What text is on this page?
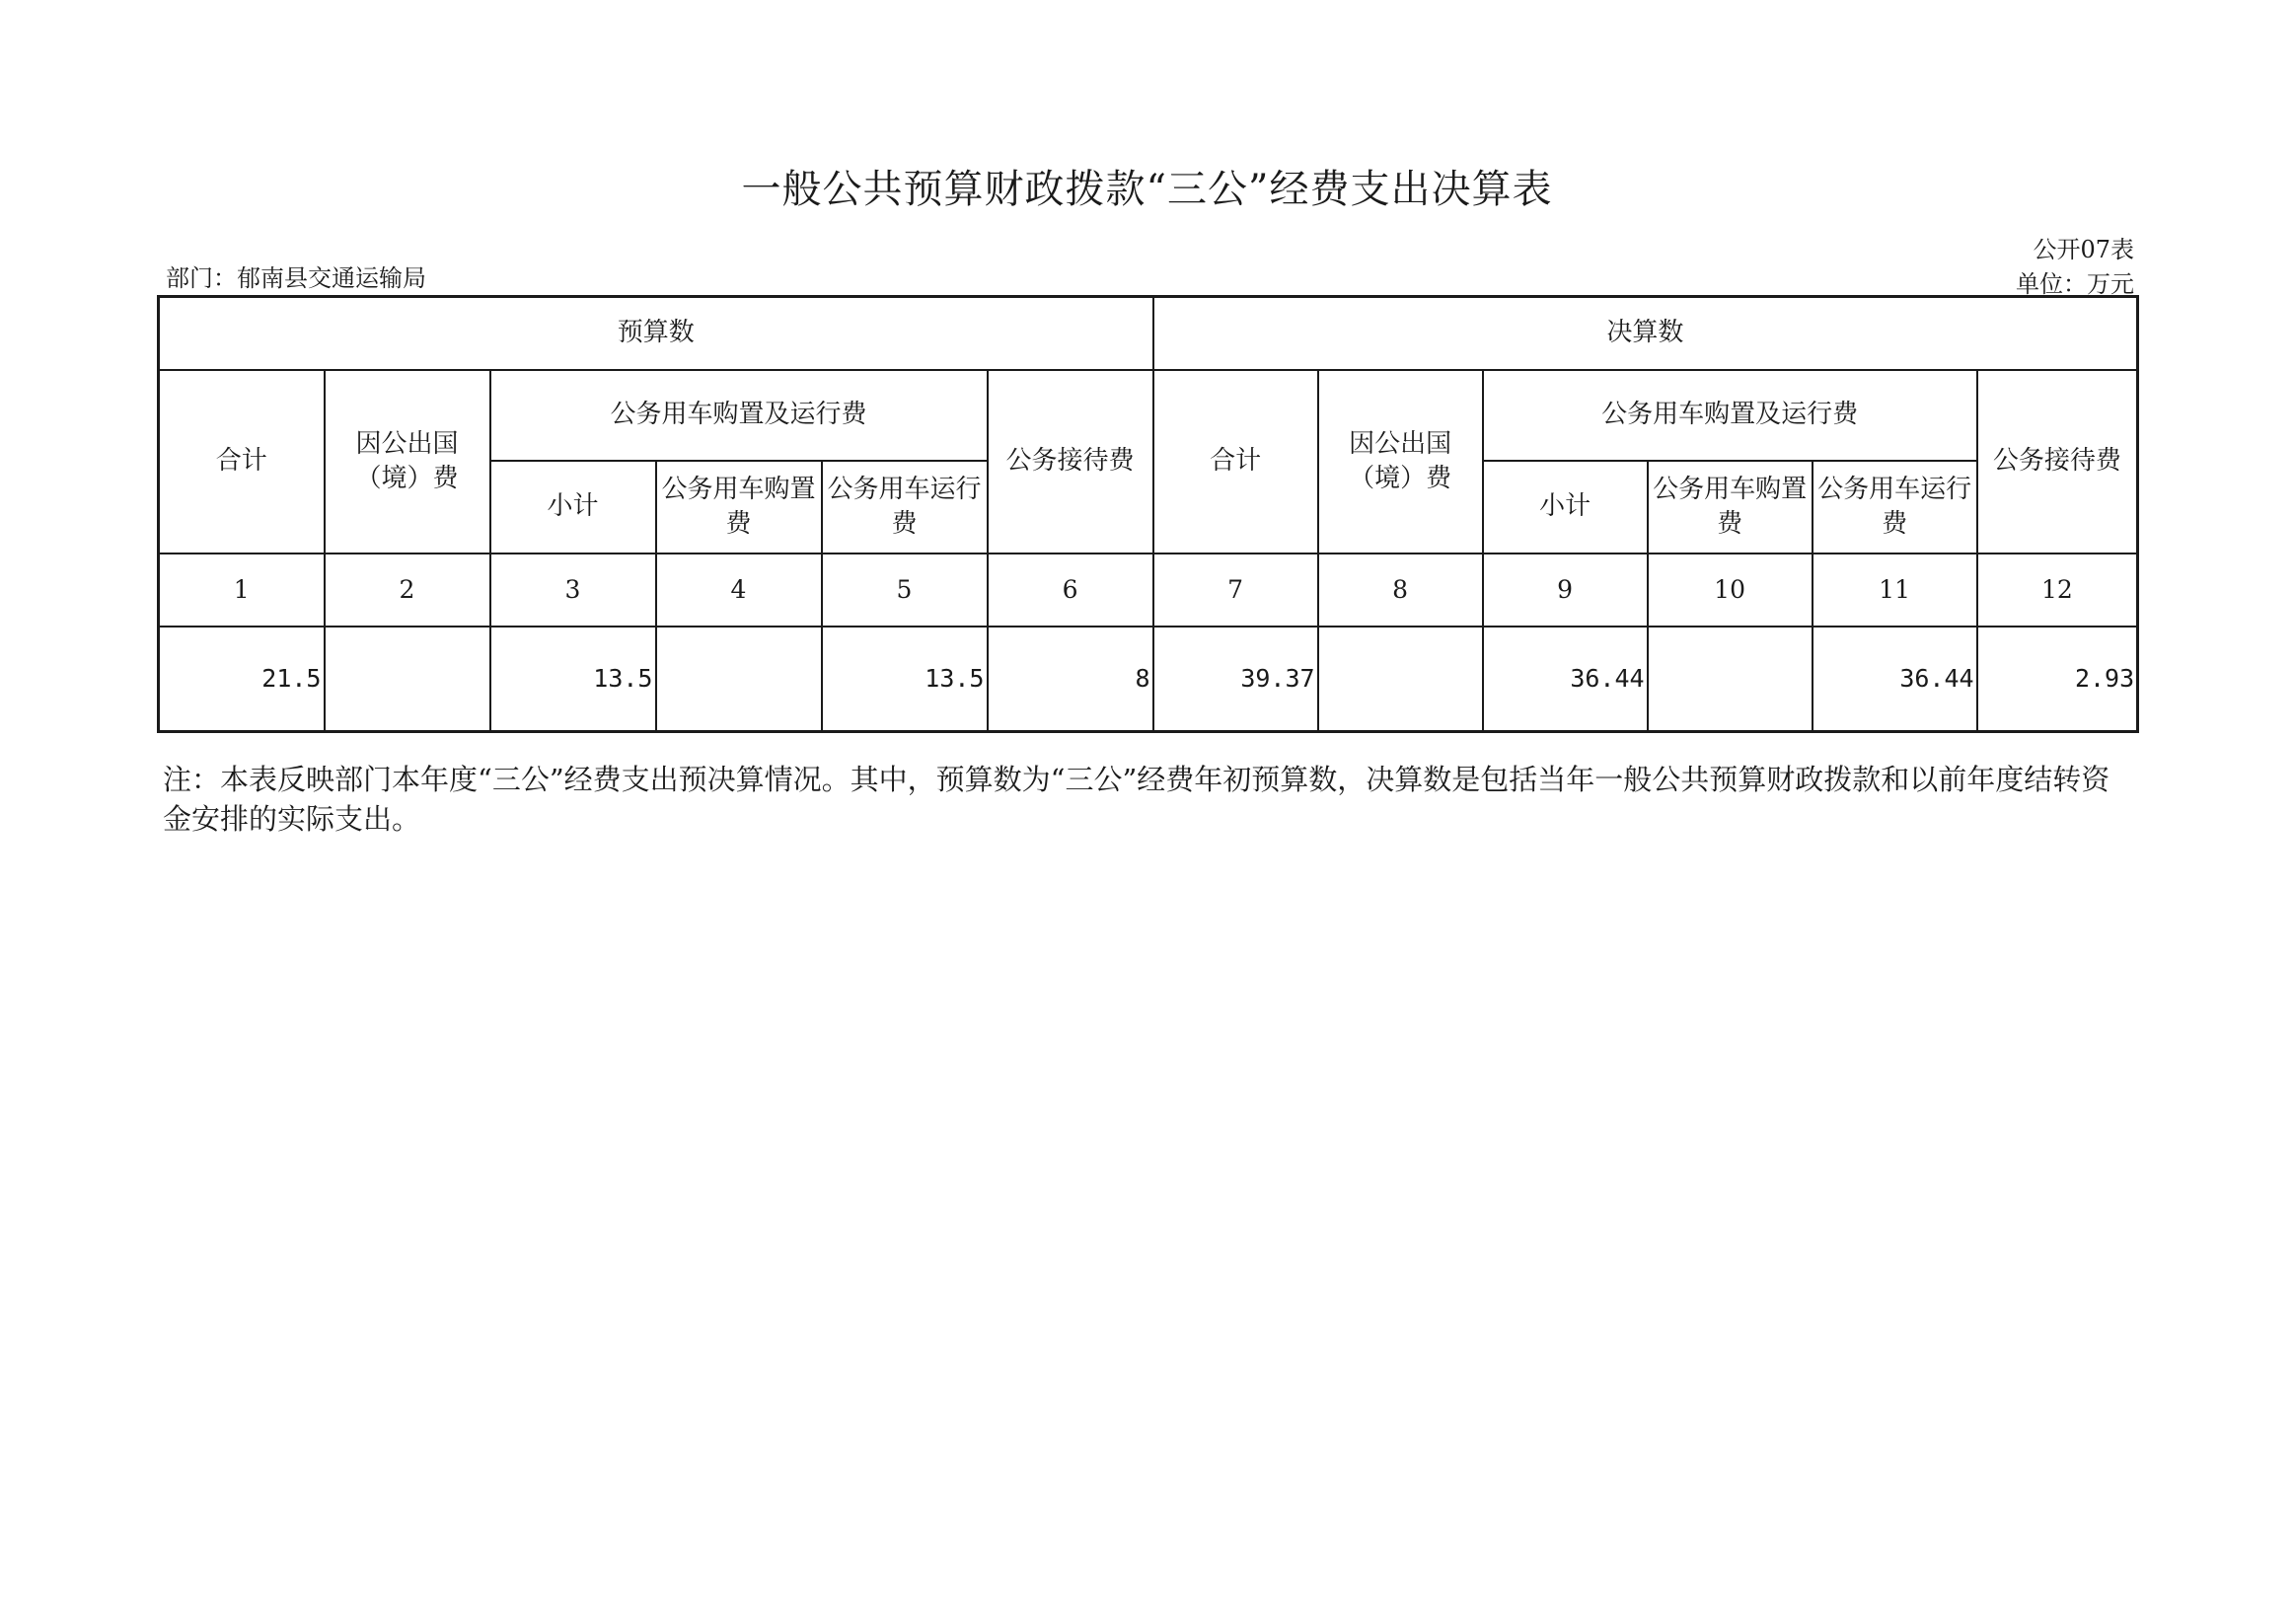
一般公共预算财政拨款“三公”经费支出决算表
公开07表
部门：郁南县交通运输局	单位：万元
预算数						决算数					
合计	因公出国（境）费	公务用车购置及运行费			公务接待费	合计	因公出国（境）费	公务用车购置及运行费			公务接待费
		小计	公务用车购置费	公务用车运行费				小计	公务用车购置费	公务用车运行费	
1	2	3	4	5	6	7	8	9	10	11	12
21.5		13.5		13.5	8	39.37		36.44		36.44	2.93
注：本表反映部门本年度“三公”经费支出预决算情况。其中，预算数为“三公”经费年初预算数，决算数是包括当年一般公共预算财政拨款和以前年度结转资金安排的实际支出。
